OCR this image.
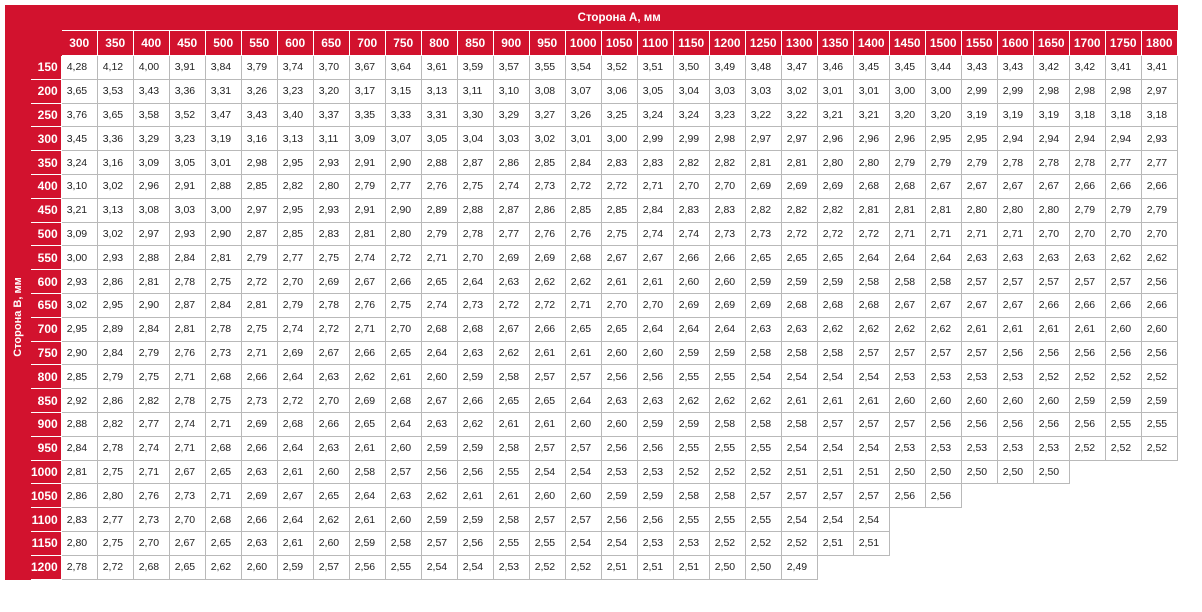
		Сторона А, мм																														
		300	350	400	450	500	550	600	650	700	750	800	850	900	950	1000	1050	1100	1150	1200	1250	1300	1350	1400	1450	1500	1550	1600	1650	1700	1750	1800

Сторона В, мм	150	4,28	4,12	4,00	3,91	3,84	3,79	3,74	3,70	3,67	3,64	3,61	3,59	3,57	3,55	3,54	3,52	3,51	3,50	3,49	3,48	3,47	3,46	3,45	3,45	3,44	3,43	3,43	3,42	3,42	3,41	3,41
	200	3,65	3,53	3,43	3,36	3,31	3,26	3,23	3,20	3,17	3,15	3,13	3,11	3,10	3,08	3,07	3,06	3,05	3,04	3,03	3,03	3,02	3,01	3,01	3,00	3,00	2,99	2,99	2,98	2,98	2,98	2,97
	250	3,76	3,65	3,58	3,52	3,47	3,43	3,40	3,37	3,35	3,33	3,31	3,30	3,29	3,27	3,26	3,25	3,24	3,24	3,23	3,22	3,22	3,21	3,21	3,20	3,20	3,19	3,19	3,19	3,18	3,18	3,18
	300	3,45	3,36	3,29	3,23	3,19	3,16	3,13	3,11	3,09	3,07	3,05	3,04	3,03	3,02	3,01	3,00	2,99	2,99	2,98	2,97	2,97	2,96	2,96	2,96	2,95	2,95	2,94	2,94	2,94	2,94	2,93
	350	3,24	3,16	3,09	3,05	3,01	2,98	2,95	2,93	2,91	2,90	2,88	2,87	2,86	2,85	2,84	2,83	2,83	2,82	2,82	2,81	2,81	2,80	2,80	2,79	2,79	2,79	2,78	2,78	2,78	2,77	2,77
	400	3,10	3,02	2,96	2,91	2,88	2,85	2,82	2,80	2,79	2,77	2,76	2,75	2,74	2,73	2,72	2,72	2,71	2,70	2,70	2,69	2,69	2,69	2,68	2,68	2,67	2,67	2,67	2,67	2,66	2,66	2,66
	450	3,21	3,13	3,08	3,03	3,00	2,97	2,95	2,93	2,91	2,90	2,89	2,88	2,87	2,86	2,85	2,85	2,84	2,83	2,83	2,82	2,82	2,82	2,81	2,81	2,81	2,80	2,80	2,80	2,79	2,79	2,79
	500	3,09	3,02	2,97	2,93	2,90	2,87	2,85	2,83	2,81	2,80	2,79	2,78	2,77	2,76	2,76	2,75	2,74	2,74	2,73	2,73	2,72	2,72	2,72	2,71	2,71	2,71	2,71	2,70	2,70	2,70	2,70
	550	3,00	2,93	2,88	2,84	2,81	2,79	2,77	2,75	2,74	2,72	2,71	2,70	2,69	2,69	2,68	2,67	2,67	2,66	2,66	2,65	2,65	2,65	2,64	2,64	2,64	2,63	2,63	2,63	2,63	2,62	2,62
	600	2,93	2,86	2,81	2,78	2,75	2,72	2,70	2,69	2,67	2,66	2,65	2,64	2,63	2,62	2,62	2,61	2,61	2,60	2,60	2,59	2,59	2,59	2,58	2,58	2,58	2,57	2,57	2,57	2,57	2,57	2,56
	650	3,02	2,95	2,90	2,87	2,84	2,81	2,79	2,78	2,76	2,75	2,74	2,73	2,72	2,72	2,71	2,70	2,70	2,69	2,69	2,69	2,68	2,68	2,68	2,67	2,67	2,67	2,67	2,66	2,66	2,66	2,66
	700	2,95	2,89	2,84	2,81	2,78	2,75	2,74	2,72	2,71	2,70	2,68	2,68	2,67	2,66	2,65	2,65	2,64	2,64	2,64	2,63	2,63	2,62	2,62	2,62	2,62	2,61	2,61	2,61	2,61	2,60	2,60
	750	2,90	2,84	2,79	2,76	2,73	2,71	2,69	2,67	2,66	2,65	2,64	2,63	2,62	2,61	2,61	2,60	2,60	2,59	2,59	2,58	2,58	2,58	2,57	2,57	2,57	2,57	2,56	2,56	2,56	2,56	2,56
	800	2,85	2,79	2,75	2,71	2,68	2,66	2,64	2,63	2,62	2,61	2,60	2,59	2,58	2,57	2,57	2,56	2,56	2,55	2,55	2,54	2,54	2,54	2,54	2,53	2,53	2,53	2,53	2,52	2,52	2,52	2,52
	850	2,92	2,86	2,82	2,78	2,75	2,73	2,72	2,70	2,69	2,68	2,67	2,66	2,65	2,65	2,64	2,63	2,63	2,62	2,62	2,62	2,61	2,61	2,61	2,60	2,60	2,60	2,60	2,60	2,59	2,59	2,59
	900	2,88	2,82	2,77	2,74	2,71	2,69	2,68	2,66	2,65	2,64	2,63	2,62	2,61	2,61	2,60	2,60	2,59	2,59	2,58	2,58	2,58	2,57	2,57	2,57	2,56	2,56	2,56	2,56	2,56	2,55	2,55
	950	2,84	2,78	2,74	2,71	2,68	2,66	2,64	2,63	2,61	2,60	2,59	2,59	2,58	2,57	2,57	2,56	2,56	2,55	2,55	2,55	2,54	2,54	2,54	2,53	2,53	2,53	2,53	2,53	2,52	2,52	2,52
	1000	2,81	2,75	2,71	2,67	2,65	2,63	2,61	2,60	2,58	2,57	2,56	2,56	2,55	2,54	2,54	2,53	2,53	2,52	2,52	2,52	2,51	2,51	2,51	2,50	2,50	2,50	2,50	2,50			
	1050	2,86	2,80	2,76	2,73	2,71	2,69	2,67	2,65	2,64	2,63	2,62	2,61	2,61	2,60	2,60	2,59	2,59	2,58	2,58	2,57	2,57	2,57	2,57	2,56	2,56						
	1100	2,83	2,77	2,73	2,70	2,68	2,66	2,64	2,62	2,61	2,60	2,59	2,59	2,58	2,57	2,57	2,56	2,56	2,55	2,55	2,55	2,54	2,54	2,54								
	1150	2,80	2,75	2,70	2,67	2,65	2,63	2,61	2,60	2,59	2,58	2,57	2,56	2,55	2,55	2,54	2,54	2,53	2,53	2,52	2,52	2,52	2,51	2,51								
	1200	2,78	2,72	2,68	2,65	2,62	2,60	2,59	2,57	2,56	2,55	2,54	2,54	2,53	2,52	2,52	2,51	2,51	2,51	2,50	2,50	2,49										
